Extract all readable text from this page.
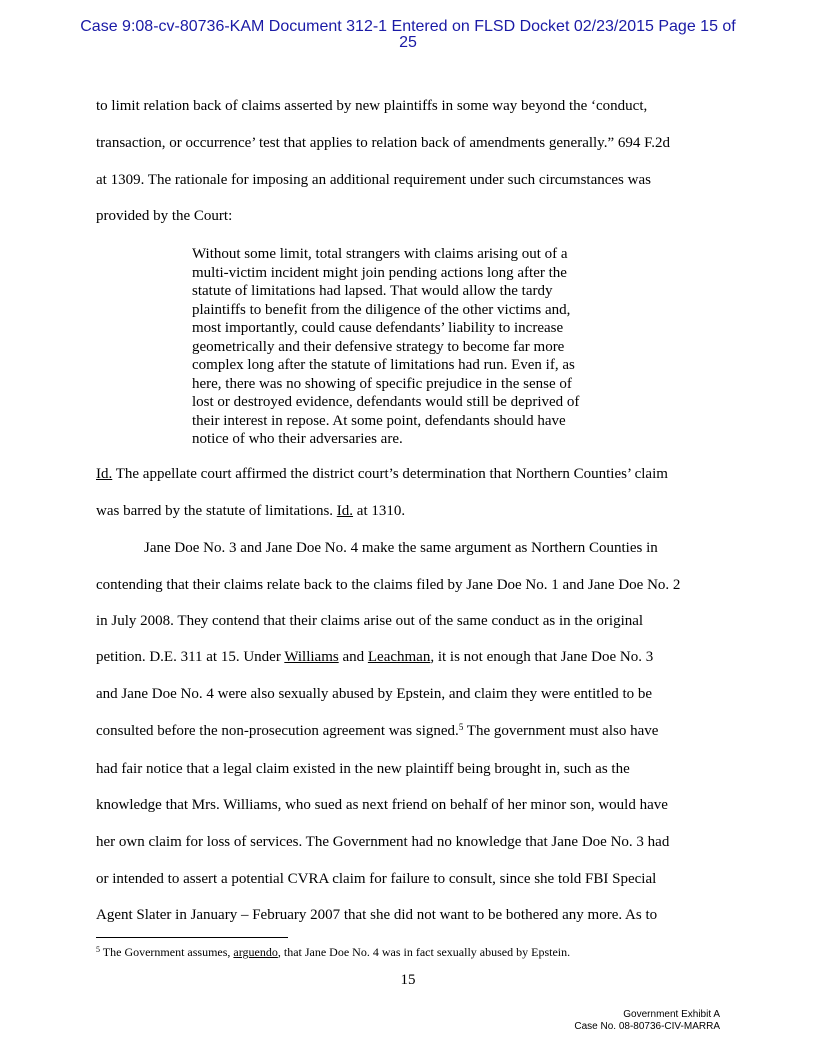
Case 9:08-cv-80736-KAM Document 312-1 Entered on FLSD Docket 02/23/2015 Page 15 of
25
to limit relation back of claims asserted by new plaintiffs in some way beyond the ‘conduct,
transaction, or occurrence’ test that applies to relation back of amendments generally.” 694 F.2d
at 1309. The rationale for imposing an additional requirement under such circumstances was
provided by the Court:
Without some limit, total strangers with claims arising out of a
multi-victim incident might join pending actions long after the
statute of limitations had lapsed. That would allow the tardy
plaintiffs to benefit from the diligence of the other victims and,
most importantly, could cause defendants’ liability to increase
geometrically and their defensive strategy to become far more
complex long after the statute of limitations had run. Even if, as
here, there was no showing of specific prejudice in the sense of
lost or destroyed evidence, defendants would still be deprived of
their interest in repose. At some point, defendants should have
notice of who their adversaries are.
Id. The appellate court affirmed the district court’s determination that Northern Counties’ claim
was barred by the statute of limitations. Id. at 1310.
Jane Doe No. 3 and Jane Doe No. 4 make the same argument as Northern Counties in
contending that their claims relate back to the claims filed by Jane Doe No. 1 and Jane Doe No. 2
in July 2008. They contend that their claims arise out of the same conduct as in the original
petition. D.E. 311 at 15. Under Williams and Leachman, it is not enough that Jane Doe No. 3
and Jane Doe No. 4 were also sexually abused by Epstein, and claim they were entitled to be
consulted before the non-prosecution agreement was signed.$^5$ The government must also have
had fair notice that a legal claim existed in the new plaintiff being brought in, such as the
knowledge that Mrs. Williams, who sued as next friend on behalf of her minor son, would have
her own claim for loss of services. The Government had no knowledge that Jane Doe No. 3 had
or intended to assert a potential CVRA claim for failure to consult, since she told FBI Special
Agent Slater in January – February 2007 that she did not want to be bothered any more. As to
$^5$ The Government assumes, arguendo, that Jane Doe No. 4 was in fact sexually abused by Epstein.
15
Government Exhibit A
Case No. 08-80736-CIV-MARRA
